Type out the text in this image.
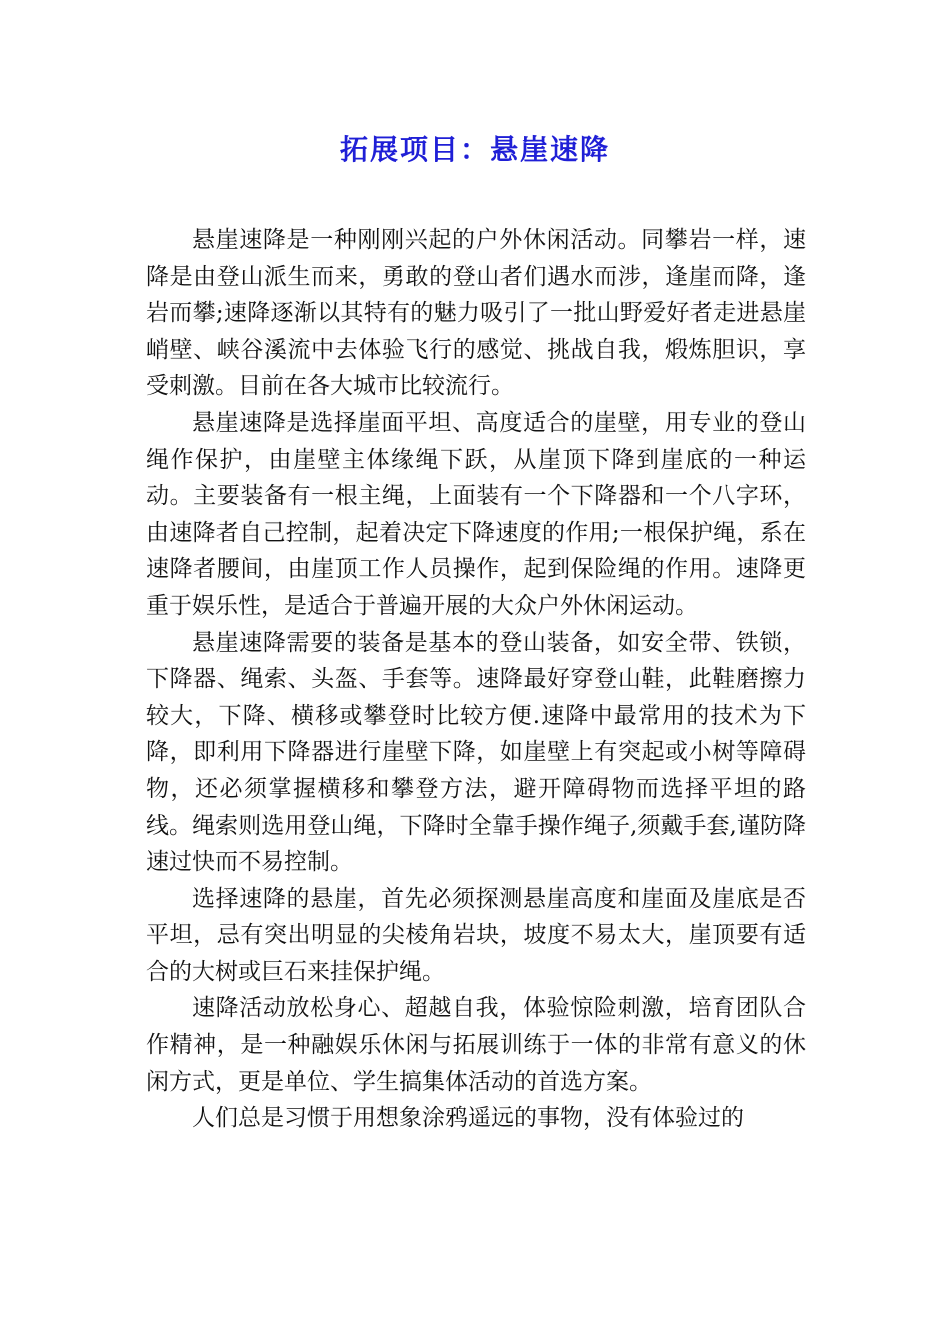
拓展项目：悬崖速降

悬崖速降是一种刚刚兴起的户外休闲活动。同攀岩一样，速降是由登山派生而来，勇敢的登山者们遇水而涉，逢崖而降，逢岩而攀;速降逐渐以其特有的魅力吸引了一批山野爱好者走进悬崖峭壁、峡谷溪流中去体验飞行的感觉、挑战自我，煅炼胆识，享受刺激。目前在各大城市比较流行。

悬崖速降是选择崖面平坦、高度适合的崖壁，用专业的登山绳作保护，由崖壁主体缘绳下跃，从崖顶下降到崖底的一种运动。主要装备有一根主绳，上面装有一个下降器和一个八字环，由速降者自己控制，起着决定下降速度的作用;一根保护绳，系在速降者腰间，由崖顶工作人员操作，起到保险绳的作用。速降更重于娱乐性，是适合于普遍开展的大众户外休闲运动。

悬崖速降需要的装备是基本的登山装备，如安全带、铁锁，下降器、绳索、头盔、手套等。速降最好穿登山鞋，此鞋磨擦力较大，下降、横移或攀登时比较方便.速降中最常用的技术为下降，即利用下降器进行崖壁下降，如崖壁上有突起或小树等障碍物，还必须掌握横移和攀登方法，避开障碍物而选择平坦的路线。绳索则选用登山绳，下降时全靠手操作绳子,须戴手套,谨防降速过快而不易控制。

选择速降的悬崖，首先必须探测悬崖高度和崖面及崖底是否平坦，忌有突出明显的尖棱角岩块，坡度不易太大，崖顶要有适合的大树或巨石来挂保护绳。

速降活动放松身心、超越自我，体验惊险刺激，培育团队合作精神，是一种融娱乐休闲与拓展训练于一体的非常有意义的休闲方式，更是单位、学生搞集体活动的首选方案。

人们总是习惯于用想象涂鸦遥远的事物，没有体验过的
